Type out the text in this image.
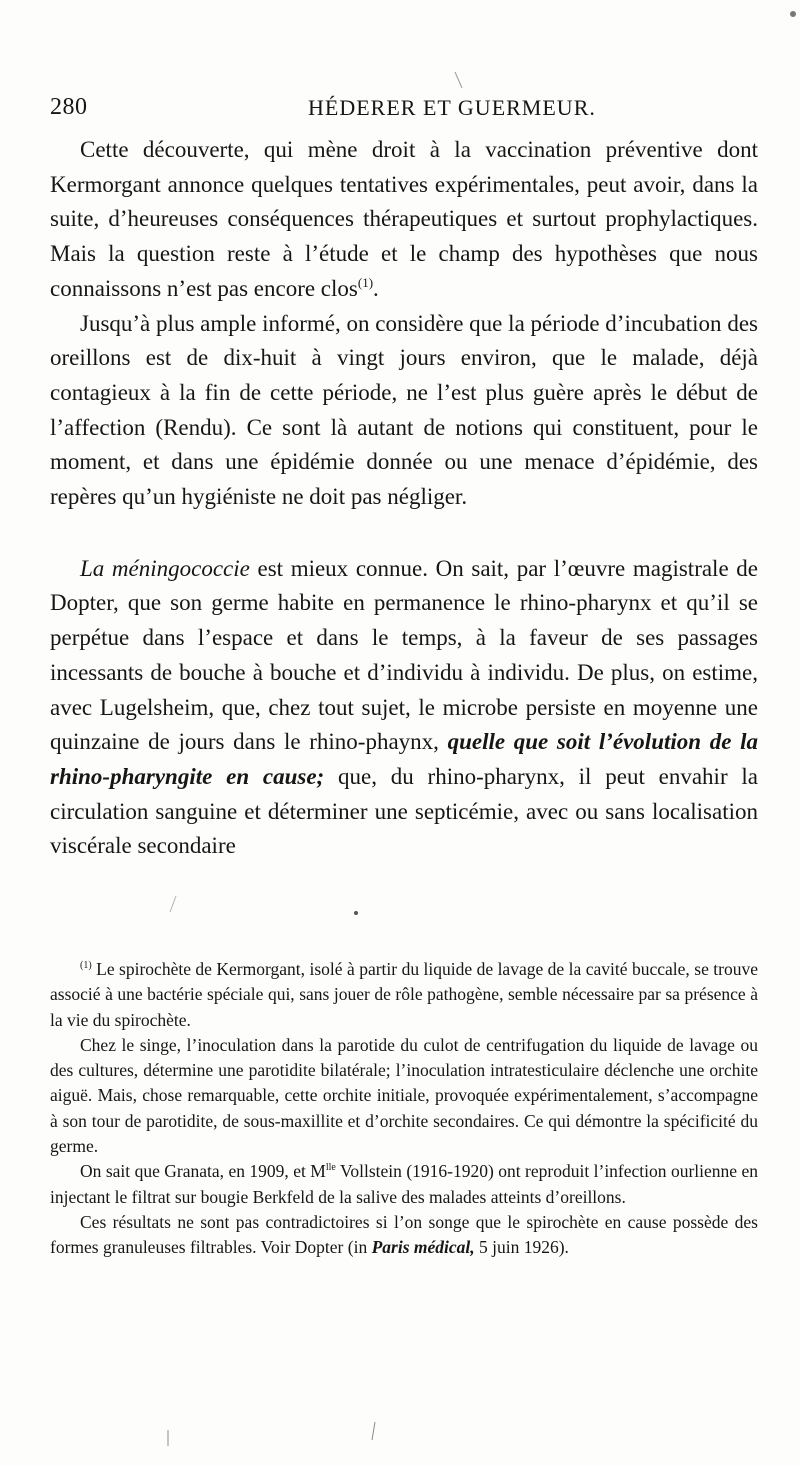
280	HÉDERER ET GUERMEUR.

Cette découverte, qui mène droit à la vaccination préventive dont Kermorgant annonce quelques tentatives expérimentales, peut avoir, dans la suite, d’heureuses conséquences thérapeutiques et surtout prophylactiques. Mais la question reste à l’étude et le champ des hypothèses que nous connaissons n’est pas encore clos$^{(1)}$.

Jusqu’à plus ample informé, on considère que la période d’incubation des oreillons est de dix-huit à vingt jours environ, que le malade, déjà contagieux à la fin de cette période, ne l’est plus guère après le début de l’affection (Rendu). Ce sont là autant de notions qui constituent, pour le moment, et dans une épidémie donnée ou une menace d’épidémie, des repères qu’un hygiéniste ne doit pas négliger.

La méningococcie est mieux connue. On sait, par l’œuvre magistrale de Dopter, que son germe habite en permanence le rhino-pharynx et qu’il se perpétue dans l’espace et dans le temps, à la faveur de ses passages incessants de bouche à bouche et d’individu à individu. De plus, on estime, avec Lugelsheim, que, chez tout sujet, le microbe persiste en moyenne une quinzaine de jours dans le rhino-phaynx, quelle que soit l’évolution de la rhino-pharyngite en cause; que, du rhino-pharynx, il peut envahir la circulation sanguine et déterminer une septicémie, avec ou sans localisation viscérale secondaire

$^{(1)}$ Le spirochète de Kermorgant, isolé à partir du liquide de lavage de la cavité buccale, se trouve associé à une bactérie spéciale qui, sans jouer de rôle pathogène, semble nécessaire par sa présence à la vie du spirochète.

Chez le singe, l’inoculation dans la parotide du culot de centrifugation du liquide de lavage ou des cultures, détermine une parotidite bilatérale; l’inoculation intratesticulaire déclenche une orchite aiguë. Mais, chose remarquable, cette orchite initiale, provoquée expérimentalement, s’accompagne à son tour de parotidite, de sous-maxillite et d’orchite secondaires. Ce qui démontre la spécificité du germe.

On sait que Granata, en 1909, et $M^{lle}$ Vollstein (1916-1920) ont reproduit l’infection ourlienne en injectant le filtrat sur bougie Berkfeld de la salive des malades atteints d’oreillons.

Ces résultats ne sont pas contradictoires si l’on songe que le spirochète en cause possède des formes granuleuses filtrables. Voir Dopter (in Paris médical, 5 juin 1926).
